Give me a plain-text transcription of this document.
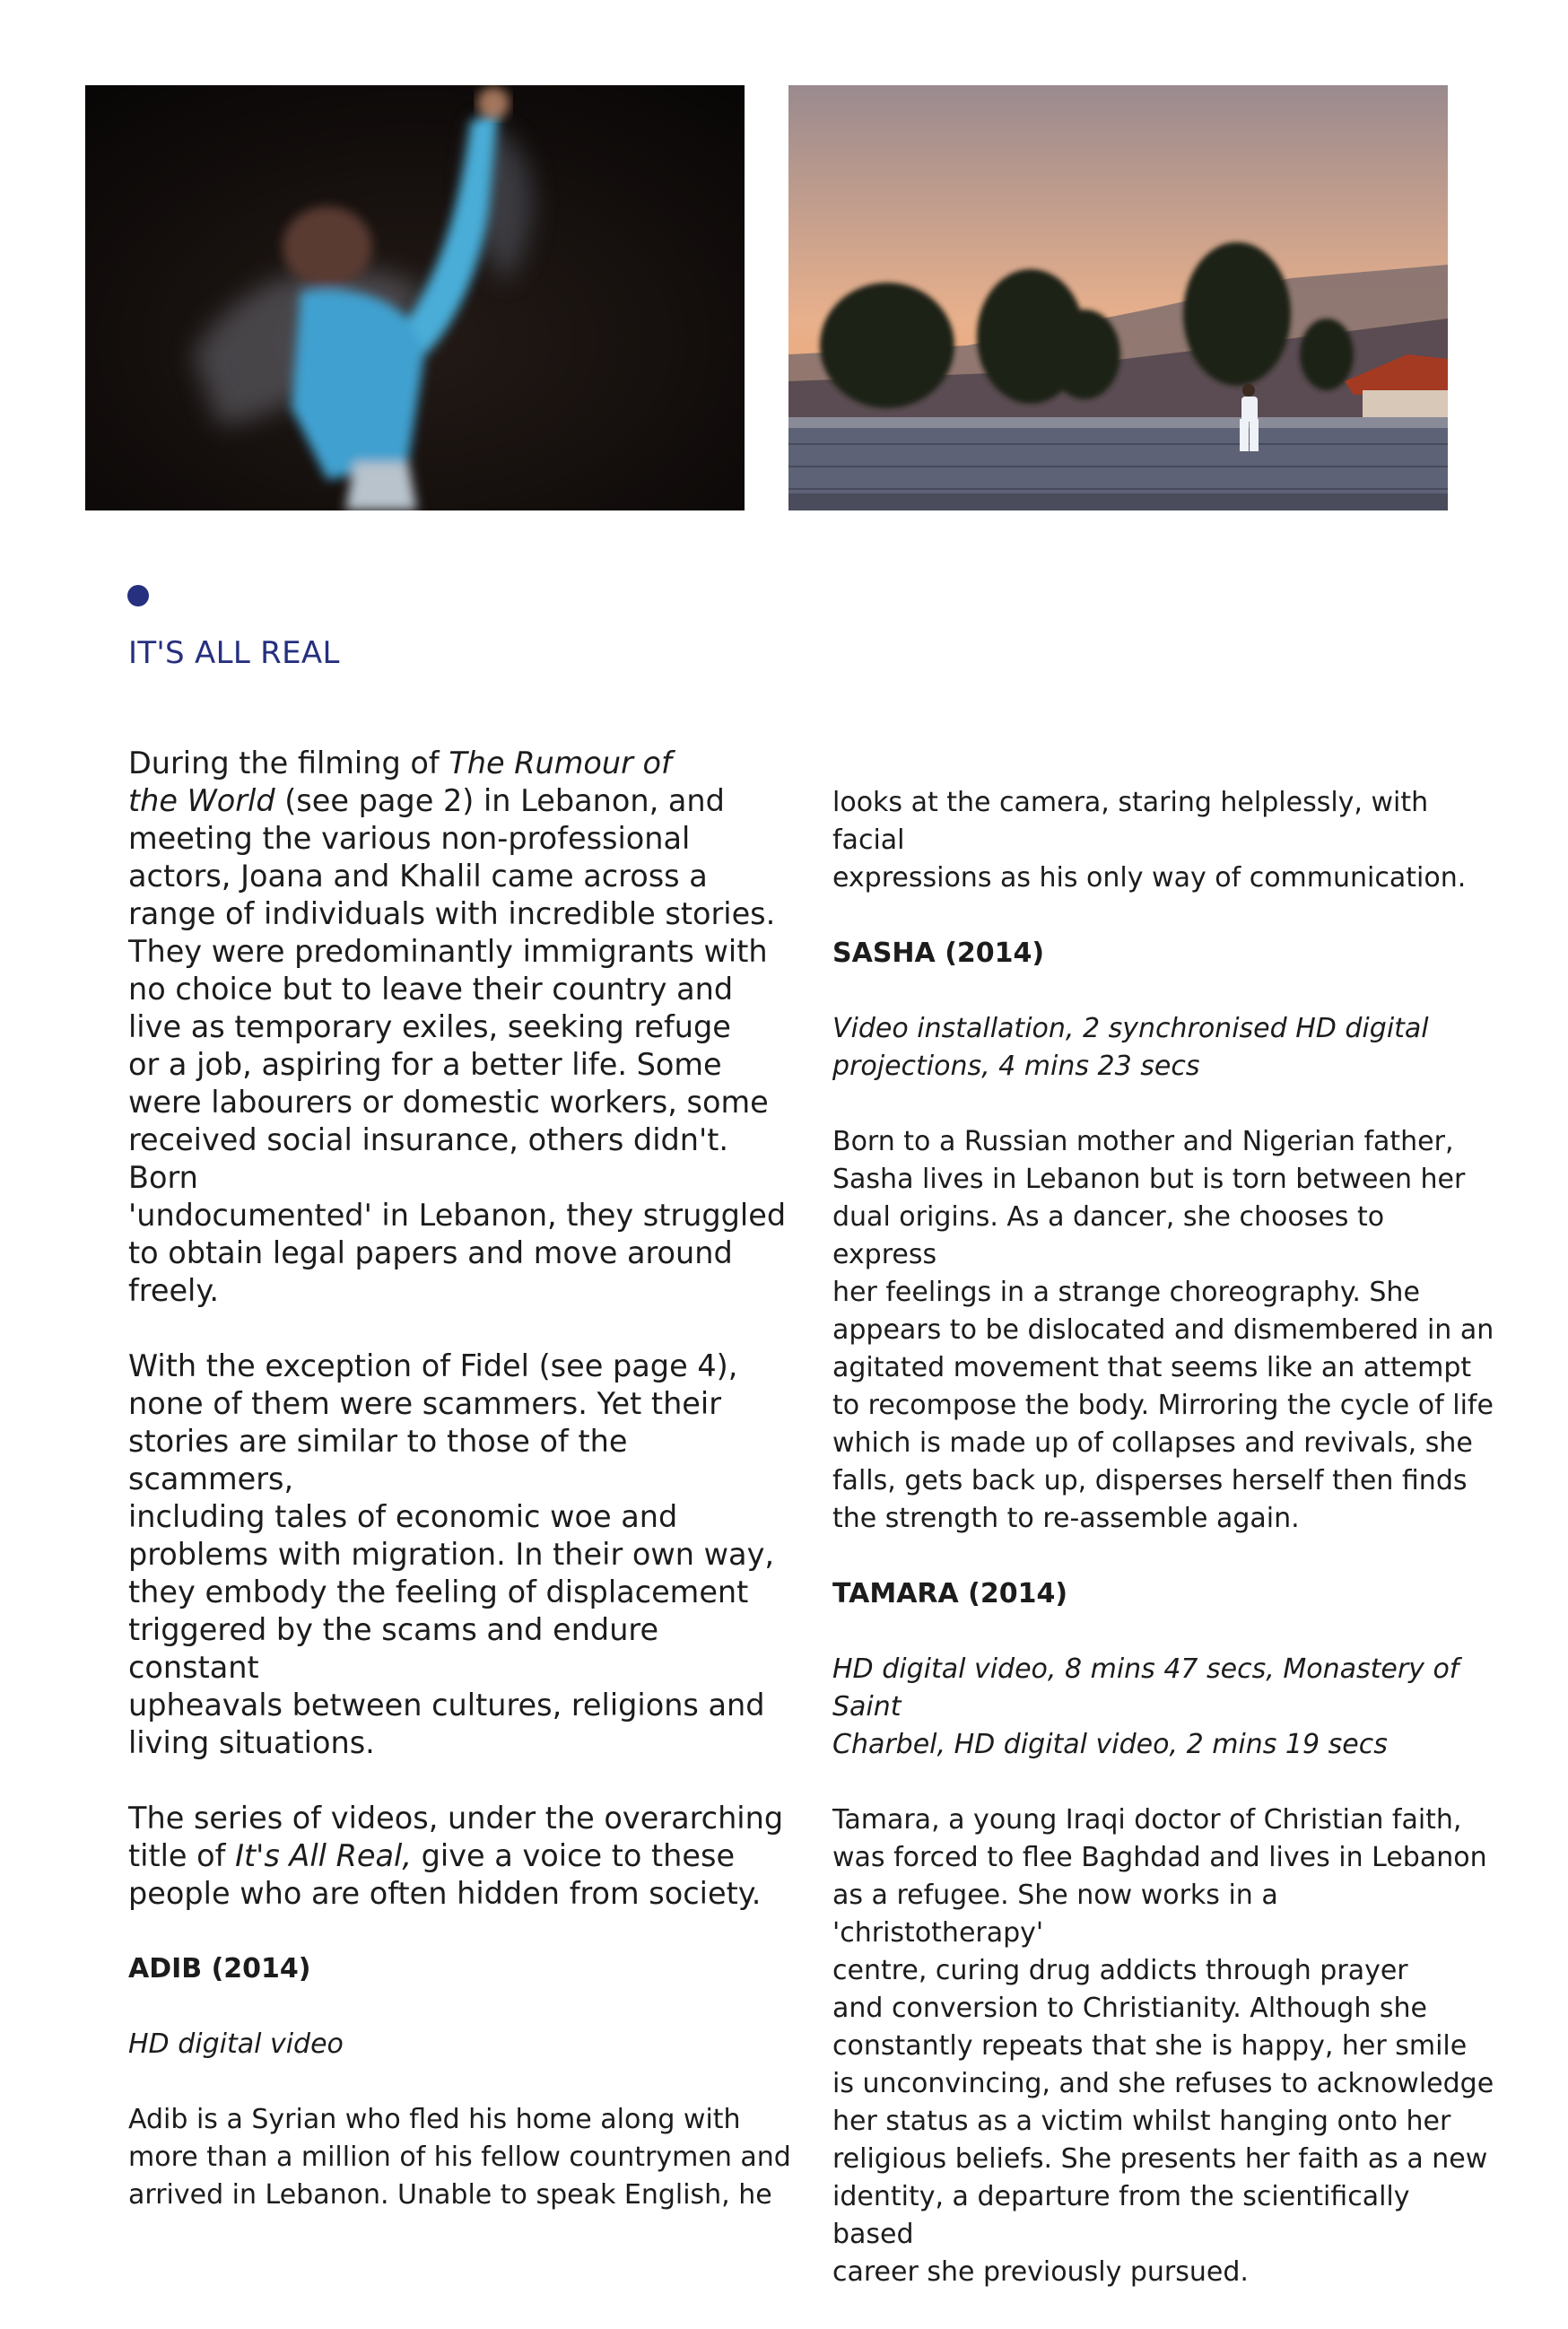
IT'S ALL REAL

During the filming of The Rumour of
the World (see page 2) in Lebanon, and
meeting the various non-professional
actors, Joana and Khalil came across a
range of individuals with incredible stories.
They were predominantly immigrants with
no choice but to leave their country and
live as temporary exiles, seeking refuge
or a job, aspiring for a better life. Some
were labourers or domestic workers, some
received social insurance, others didn't. Born
'undocumented' in Lebanon, they struggled
to obtain legal papers and move around
freely.

With the exception of Fidel (see page 4),
none of them were scammers. Yet their
stories are similar to those of the scammers,
including tales of economic woe and
problems with migration. In their own way,
they embody the feeling of displacement
triggered by the scams and endure constant
upheavals between cultures, religions and
living situations.

The series of videos, under the overarching
title of It's All Real, give a voice to these
people who are often hidden from society.

ADIB (2014)

HD digital video

Adib is a Syrian who fled his home along with
more than a million of his fellow countrymen and
arrived in Lebanon. Unable to speak English, he

looks at the camera, staring helplessly, with facial
expressions as his only way of communication.

SASHA (2014)

Video installation, 2 synchronised HD digital
projections, 4 mins 23 secs

Born to a Russian mother and Nigerian father,
Sasha lives in Lebanon but is torn between her
dual origins. As a dancer, she chooses to express
her feelings in a strange choreography. She
appears to be dislocated and dismembered in an
agitated movement that seems like an attempt
to recompose the body. Mirroring the cycle of life
which is made up of collapses and revivals, she
falls, gets back up, disperses herself then finds
the strength to re-assemble again.

TAMARA (2014)

HD digital video, 8 mins 47 secs, Monastery of Saint
Charbel, HD digital video, 2 mins 19 secs

Tamara, a young Iraqi doctor of Christian faith,
was forced to flee Baghdad and lives in Lebanon
as a refugee. She now works in a 'christotherapy'
centre, curing drug addicts through prayer
and conversion to Christianity. Although she
constantly repeats that she is happy, her smile
is unconvincing, and she refuses to acknowledge
her status as a victim whilst hanging onto her
religious beliefs. She presents her faith as a new
identity, a departure from the scientifically based
career she previously pursued.
